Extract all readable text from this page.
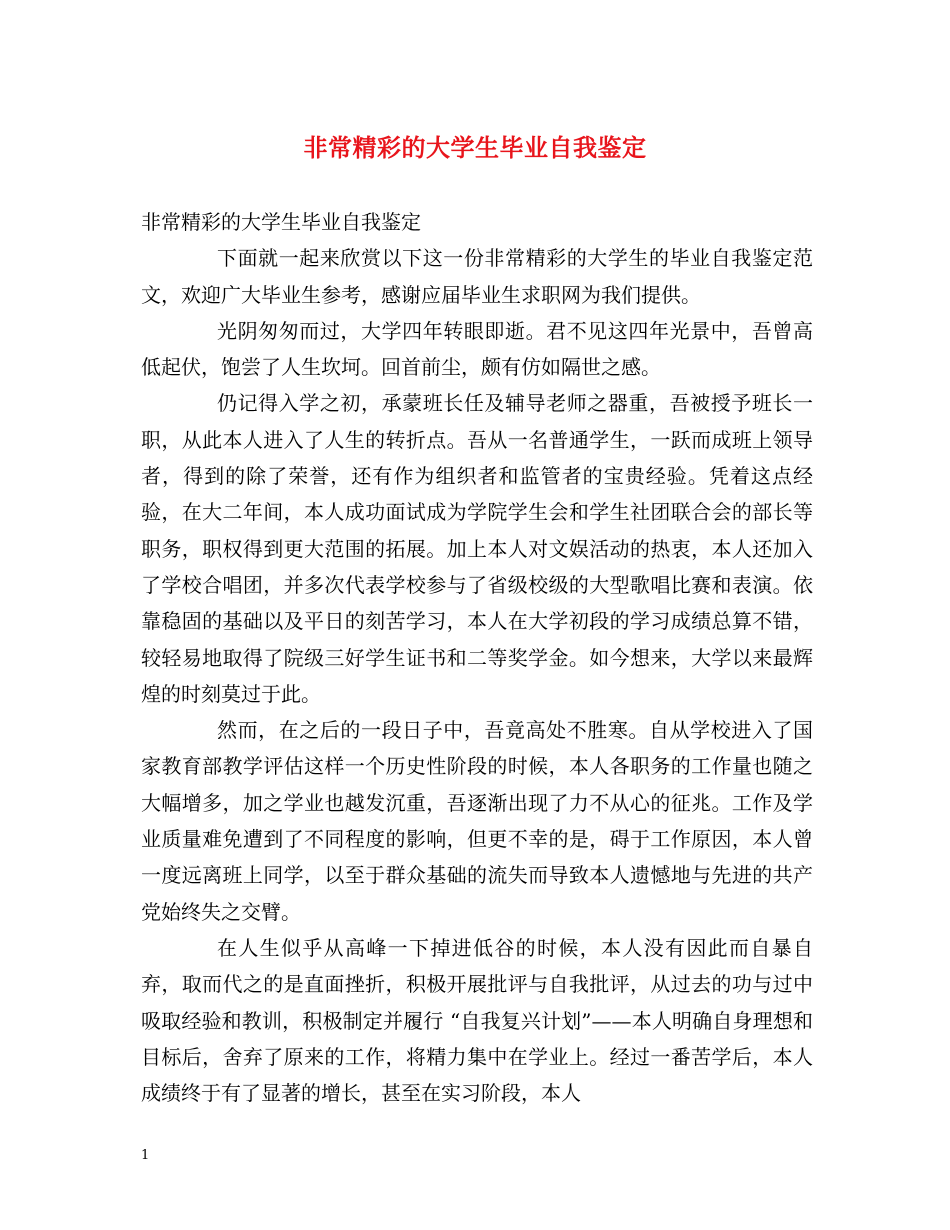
非常精彩的大学生毕业自我鉴定

非常精彩的大学生毕业自我鉴定

下面就一起来欣赏以下这一份非常精彩的大学生的毕业自我鉴定范文，欢迎广大毕业生参考，感谢应届毕业生求职网为我们提供。

光阴匆匆而过，大学四年转眼即逝。君不见这四年光景中，吾曾高低起伏，饱尝了人生坎坷。回首前尘，颇有仿如隔世之感。

仍记得入学之初，承蒙班长任及辅导老师之器重，吾被授予班长一职，从此本人进入了人生的转折点。吾从一名普通学生，一跃而成班上领导者，得到的除了荣誉，还有作为组织者和监管者的宝贵经验。凭着这点经验，在大二年间，本人成功面试成为学院学生会和学生社团联合会的部长等职务，职权得到更大范围的拓展。加上本人对文娱活动的热衷，本人还加入了学校合唱团，并多次代表学校参与了省级校级的大型歌唱比赛和表演。依靠稳固的基础以及平日的刻苦学习，本人在大学初段的学习成绩总算不错，较轻易地取得了院级三好学生证书和二等奖学金。如今想来，大学以来最辉煌的时刻莫过于此。

然而，在之后的一段日子中，吾竟高处不胜寒。自从学校进入了国家教育部教学评估这样一个历史性阶段的时候，本人各职务的工作量也随之大幅增多，加之学业也越发沉重，吾逐渐出现了力不从心的征兆。工作及学业质量难免遭到了不同程度的影响，但更不幸的是，碍于工作原因，本人曾一度远离班上同学，以至于群众基础的流失而导致本人遗憾地与先进的共产党始终失之交臂。

在人生似乎从高峰一下掉进低谷的时候，本人没有因此而自暴自弃，取而代之的是直面挫折，积极开展批评与自我批评，从过去的功与过中吸取经验和教训，积极制定并履行 “自我复兴计划”——本人明确自身理想和目标后，舍弃了原来的工作，将精力集中在学业上。经过一番苦学后，本人成绩终于有了显著的增长，甚至在实习阶段，本人

1
